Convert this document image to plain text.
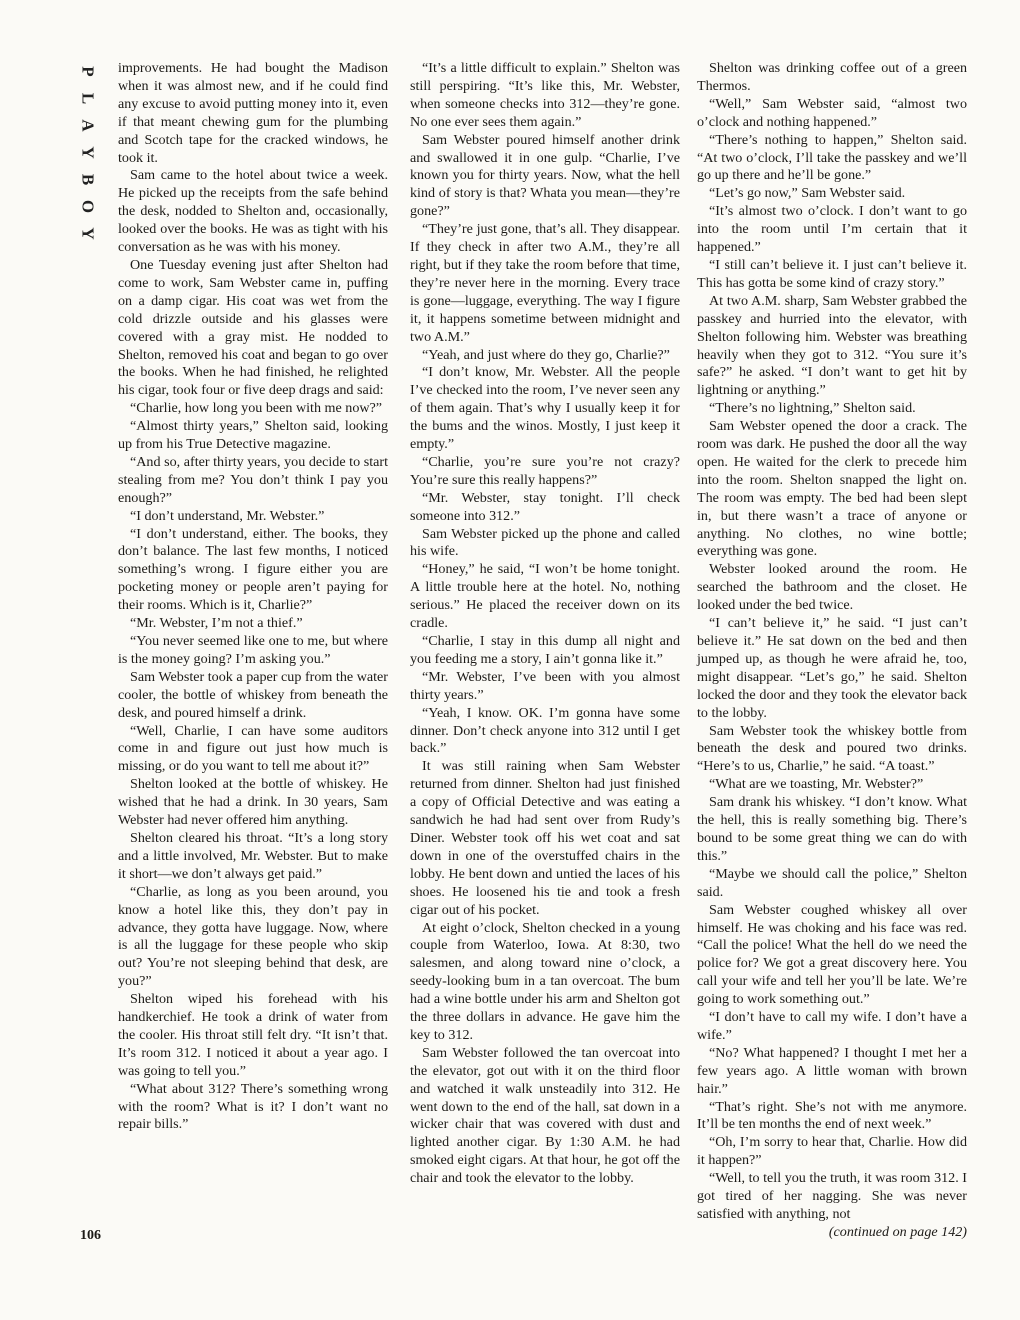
P
L
A
Y
B
O
Y
106

improvements. He had bought the Madison when it was almost new, and if he could find any excuse to avoid putting money into it, even if that meant chewing gum for the plumbing and Scotch tape for the cracked windows, he took it.

Sam came to the hotel about twice a week. He picked up the receipts from the safe behind the desk, nodded to Shelton and, occasionally, looked over the books. He was as tight with his conversation as he was with his money.

One Tuesday evening just after Shelton had come to work, Sam Webster came in, puffing on a damp cigar. His coat was wet from the cold drizzle outside and his glasses were covered with a gray mist. He nodded to Shelton, removed his coat and began to go over the books. When he had finished, he relighted his cigar, took four or five deep drags and said:

“Charlie, how long you been with me now?”

“Almost thirty years,” Shelton said, looking up from his True Detective magazine.

“And so, after thirty years, you decide to start stealing from me? You don’t think I pay you enough?”

“I don’t understand, Mr. Webster.”

“I don’t understand, either. The books, they don’t balance. The last few months, I noticed something’s wrong. I figure either you are pocketing money or people aren’t paying for their rooms. Which is it, Charlie?”

“Mr. Webster, I’m not a thief.”

“You never seemed like one to me, but where is the money going? I’m asking you.”

Sam Webster took a paper cup from the water cooler, the bottle of whiskey from beneath the desk, and poured himself a drink.

“Well, Charlie, I can have some auditors come in and figure out just how much is missing, or do you want to tell me about it?”

Shelton looked at the bottle of whiskey. He wished that he had a drink. In 30 years, Sam Webster had never offered him anything.

Shelton cleared his throat. “It’s a long story and a little involved, Mr. Webster. But to make it short—we don’t always get paid.”

“Charlie, as long as you been around, you know a hotel like this, they don’t pay in advance, they gotta have luggage. Now, where is all the luggage for these people who skip out? You’re not sleeping behind that desk, are you?”

Shelton wiped his forehead with his handkerchief. He took a drink of water from the cooler. His throat still felt dry. “It isn’t that. It’s room 312. I noticed it about a year ago. I was going to tell you.”

“What about 312? There’s something wrong with the room? What is it? I don’t want no repair bills.”

“It’s a little difficult to explain.” Shelton was still perspiring. “It’s like this, Mr. Webster, when someone checks into 312—they’re gone. No one ever sees them again.”

Sam Webster poured himself another drink and swallowed it in one gulp. “Charlie, I’ve known you for thirty years. Now, what the hell kind of story is that? Whata you mean—they’re gone?”

“They’re just gone, that’s all. They disappear. If they check in after two A.M., they’re all right, but if they take the room before that time, they’re never here in the morning. Every trace is gone—luggage, everything. The way I figure it, it happens sometime between midnight and two A.M.”

“Yeah, and just where do they go, Charlie?”

“I don’t know, Mr. Webster. All the people I’ve checked into the room, I’ve never seen any of them again. That’s why I usually keep it for the bums and the winos. Mostly, I just keep it empty.”

“Charlie, you’re sure you’re not crazy? You’re sure this really happens?”

“Mr. Webster, stay tonight. I’ll check someone into 312.”

Sam Webster picked up the phone and called his wife.

“Honey,” he said, “I won’t be home tonight. A little trouble here at the hotel. No, nothing serious.” He placed the receiver down on its cradle.

“Charlie, I stay in this dump all night and you feeding me a story, I ain’t gonna like it.”

“Mr. Webster, I’ve been with you almost thirty years.”

“Yeah, I know. OK. I’m gonna have some dinner. Don’t check anyone into 312 until I get back.”

It was still raining when Sam Webster returned from dinner. Shelton had just finished a copy of Official Detective and was eating a sandwich he had had sent over from Rudy’s Diner. Webster took off his wet coat and sat down in one of the overstuffed chairs in the lobby. He bent down and untied the laces of his shoes. He loosened his tie and took a fresh cigar out of his pocket.

At eight o’clock, Shelton checked in a young couple from Waterloo, Iowa. At 8:30, two salesmen, and along toward nine o’clock, a seedy-looking bum in a tan overcoat. The bum had a wine bottle under his arm and Shelton got the three dollars in advance. He gave him the key to 312.

Sam Webster followed the tan overcoat into the elevator, got out with it on the third floor and watched it walk unsteadily into 312. He went down to the end of the hall, sat down in a wicker chair that was covered with dust and lighted another cigar. By 1:30 A.M. he had smoked eight cigars. At that hour, he got off the chair and took the elevator to the lobby.

Shelton was drinking coffee out of a green Thermos.

“Well,” Sam Webster said, “almost two o’clock and nothing happened.”

“There’s nothing to happen,” Shelton said. “At two o’clock, I’ll take the passkey and we’ll go up there and he’ll be gone.”

“Let’s go now,” Sam Webster said.

“It’s almost two o’clock. I don’t want to go into the room until I’m certain that it happened.”

“I still can’t believe it. I just can’t believe it. This has gotta be some kind of crazy story.”

At two A.M. sharp, Sam Webster grabbed the passkey and hurried into the elevator, with Shelton following him. Webster was breathing heavily when they got to 312. “You sure it’s safe?” he asked. “I don’t want to get hit by lightning or anything.”

“There’s no lightning,” Shelton said.

Sam Webster opened the door a crack. The room was dark. He pushed the door all the way open. He waited for the clerk to precede him into the room. Shelton snapped the light on. The room was empty. The bed had been slept in, but there wasn’t a trace of anyone or anything. No clothes, no wine bottle; everything was gone.

Webster looked around the room. He searched the bathroom and the closet. He looked under the bed twice.

“I can’t believe it,” he said. “I just can’t believe it.” He sat down on the bed and then jumped up, as though he were afraid he, too, might disappear. “Let’s go,” he said. Shelton locked the door and they took the elevator back to the lobby.

Sam Webster took the whiskey bottle from beneath the desk and poured two drinks. “Here’s to us, Charlie,” he said. “A toast.”

“What are we toasting, Mr. Webster?”

Sam drank his whiskey. “I don’t know. What the hell, this is really something big. There’s bound to be some great thing we can do with this.”

“Maybe we should call the police,” Shelton said.

Sam Webster coughed whiskey all over himself. He was choking and his face was red. “Call the police! What the hell do we need the police for? We got a great discovery here. You call your wife and tell her you’ll be late. We’re going to work something out.”

“I don’t have to call my wife. I don’t have a wife.”

“No? What happened? I thought I met her a few years ago. A little woman with brown hair.”

“That’s right. She’s not with me anymore. It’ll be ten months the end of next week.”

“Oh, I’m sorry to hear that, Charlie. How did it happen?”

“Well, to tell you the truth, it was room 312. I got tired of her nagging. She was never satisfied with anything, not

(continued on page 142)
